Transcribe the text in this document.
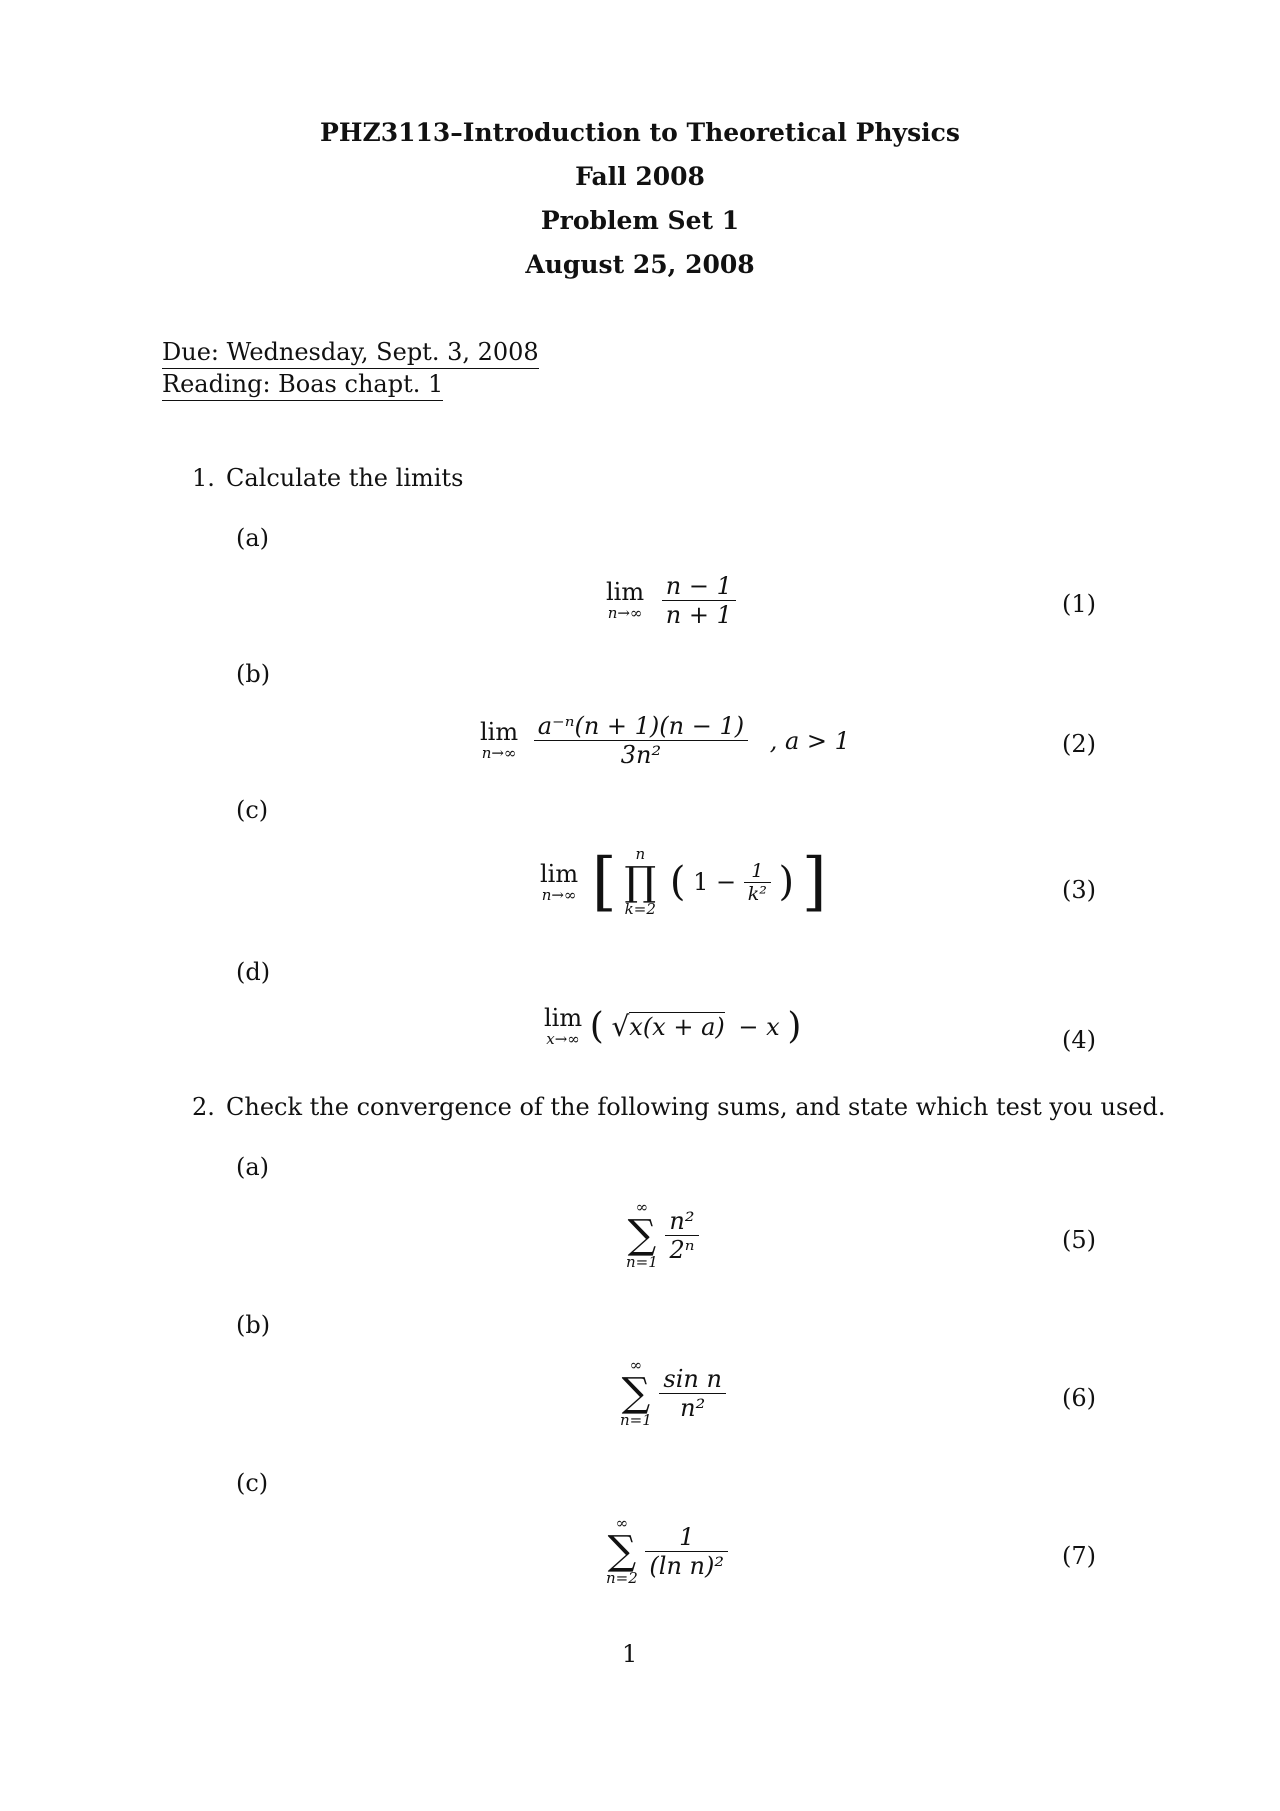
PHZ3113–Introduction to Theoretical Physics
Fall 2008
Problem Set 1
August 25, 2008
Due: Wednesday, Sept. 3, 2008
Reading: Boas chapt. 1
1. Calculate the limits
(a)
lim
n→∞
$\frac{n - 1}{n + 1}$	(1)
(b)
lim
n→∞
$\frac{\text{a⁻ⁿ(n + 1)(n − 1)}}{\text{3n²}}$ , a > 1	(2)
(c)
lim
n→∞ [	n
∏
k=2
( $1 - \frac{1}{\text{k²}}$ ) ]	(3)
(d)
lim
x→∞ ( √x(x + a) − x )	(4)
2. Check the convergence of the following sums, and state which test you used.
(a)
∞
∑
n=1
$\frac{\text{n²}}{\text{2ⁿ}}$	(5)
(b)
∞
∑
n=1
$\frac{\text{sin n}}{\text{n²}}$	(6)
(c)
∞
∑
n=2
$\frac{1}{\text{(ln n)²}}$	(7)
1
